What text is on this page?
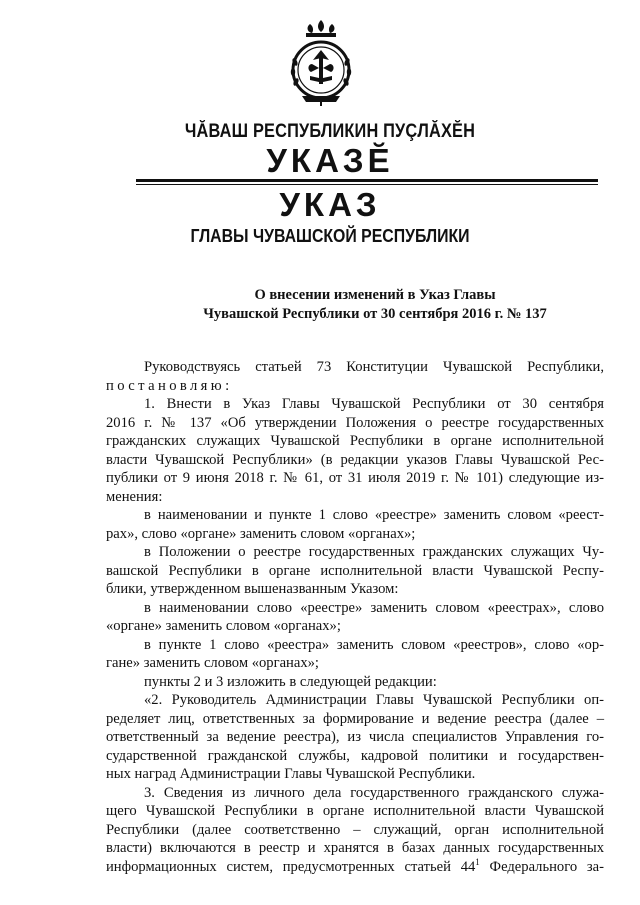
ЧĂВАШ РЕСПУБЛИКИН ПУÇЛĂХĔН
УКАЗĔ
УКАЗ
ГЛАВЫ ЧУВАШСКОЙ РЕСПУБЛИКИ
О внесении изменений в Указ Главы
Чувашской Республики от 30 сентября 2016 г. № 137
Руководствуясь статьей 73 Конституции Чувашской Республики,
постановляю:
1. Внести в Указ Главы Чувашской Республики от 30 сентября
2016 г. № 137 «Об утверждении Положения о реестре государственных
гражданских служащих Чувашской Республики в органе исполнительной
власти Чувашской Республики» (в редакции указов Главы Чувашской Рес-
публики от 9 июня 2018 г. № 61, от 31 июля 2019 г. № 101) следующие из-
менения:
в наименовании и пункте 1 слово «реестре» заменить словом «реест-
рах», слово «органе» заменить словом «органах»;
в Положении о реестре государственных гражданских служащих Чу-
вашской Республики в органе исполнительной власти Чувашской Респу-
блики, утвержденном вышеназванным Указом:
в наименовании слово «реестре» заменить словом «реестрах», слово
«органе» заменить словом «органах»;
в пункте 1 слово «реестра» заменить словом «реестров», слово «ор-
гане» заменить словом «органах»;
пункты 2 и 3 изложить в следующей редакции:
«2. Руководитель Администрации Главы Чувашской Республики оп-
ределяет лиц, ответственных за формирование и ведение реестра (далее –
ответственный за ведение реестра), из числа специалистов Управления го-
сударственной гражданской службы, кадровой политики и государствен-
ных наград Администрации Главы Чувашской Республики.
3. Сведения из личного дела государственного гражданского служа-
щего Чувашской Республики в органе исполнительной власти Чувашской
Республики (далее соответственно – служащий, орган исполнительной
власти) включаются в реестр и хранятся в базах данных государственных
информационных систем, предусмотренных статьей $44^1$ Федерального за-
